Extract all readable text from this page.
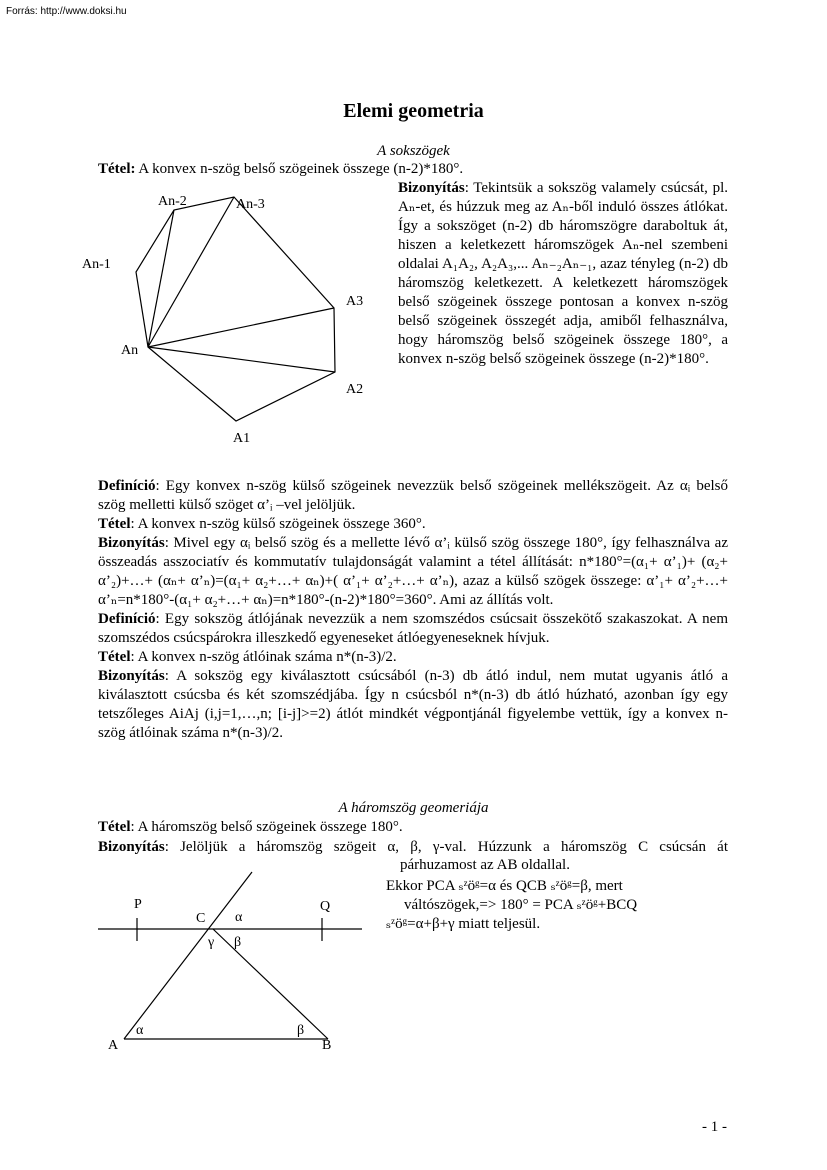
Forrás: http://www.doksi.hu
Elemi geometria
A sokszögek
Tétel: A konvex n-szög belső szögeinek összege (n-2)*180°.
An-2	An-3
An-1
A3
An
A2
A1
Bizonyítás: Tekintsük a sokszög valamely csúcsát, pl. Aₙ-et, és húzzuk meg az Aₙ-ből induló összes átlókat. Így a sokszöget (n-2) db háromszögre daraboltuk át, hiszen a keletkezett háromszögek Aₙ-nel szembeni oldalai A₁A₂, A₂A₃,... Aₙ₋₂Aₙ₋₁, azaz tényleg (n-2) db háromszög keletkezett. A keletkezett háromszögek belső szögeinek összege pontosan a konvex n-szög belső szögeinek összegét adja, amiből felhasználva, hogy háromszög belső szögeinek összege 180°, a konvex n-szög belső szögeinek összege (n-2)*180°.
Definíció: Egy konvex n-szög külső szögeinek nevezzük belső szögeinek mellékszögeit. Az αᵢ belső szög melletti külső szöget α’ᵢ –vel jelöljük.
Tétel: A konvex n-szög külső szögeinek összege 360°.
Bizonyítás: Mivel egy αᵢ belső szög és a mellette lévő α’ᵢ külső szög összege 180°, így felhasználva az összeadás asszociatív és kommutatív tulajdonságát valamint a tétel állítását: n*180°=(α₁+ α’₁)+ (α₂+ α’₂)+…+ (αₙ+ α’ₙ)=(α₁+ α₂+…+ αₙ)+( α’₁+ α’₂+…+ α’ₙ), azaz a külső szögek összege: α’₁+ α’₂+…+ α’ₙ=n*180°-(α₁+ α₂+…+ αₙ)=n*180°-(n-2)*180°=360°. Ami az állítás volt.
Definíció: Egy sokszög átlójának nevezzük a nem szomszédos csúcsait összekötő szakaszokat. A nem szomszédos csúcspárokra illeszkedő egyeneseket átlóegyeneseknek hívjuk.
Tétel: A konvex n-szög átlóinak száma n*(n-3)/2.
Bizonyítás: A sokszög egy kiválasztott csúcsából (n-3) db átló indul, nem mutat ugyanis átló a kiválasztott csúcsba és két szomszédjába. Így n csúcsból n*(n-3) db átló húzható, azonban így egy tetszőleges AiAj (i,j=1,…,n; [i-j]>=2) átlót mindkét végpontjánál figyelembe vettük, így a konvex n-szög átlóinak száma n*(n-3)/2.
A háromszög geomeriája
Tétel: A háromszög belső szögeinek összege 180°.
Bizonyítás: Jelöljük a háromszög szögeit α, β, γ-val. Húzzunk a háromszög C csúcsán át
párhuzamost az AB oldallal.
Ekkor PCA ₛᶻöᵍ=α és QCB ₛᶻöᵍ=β, mert
váltószögek,=> 180° = PCA ₛᶻöᵍ+BCQ
ₛᶻöᵍ=α+β+γ miatt teljesül.
P	Q
C α
γ β
α	β
A	B
- 1 -
